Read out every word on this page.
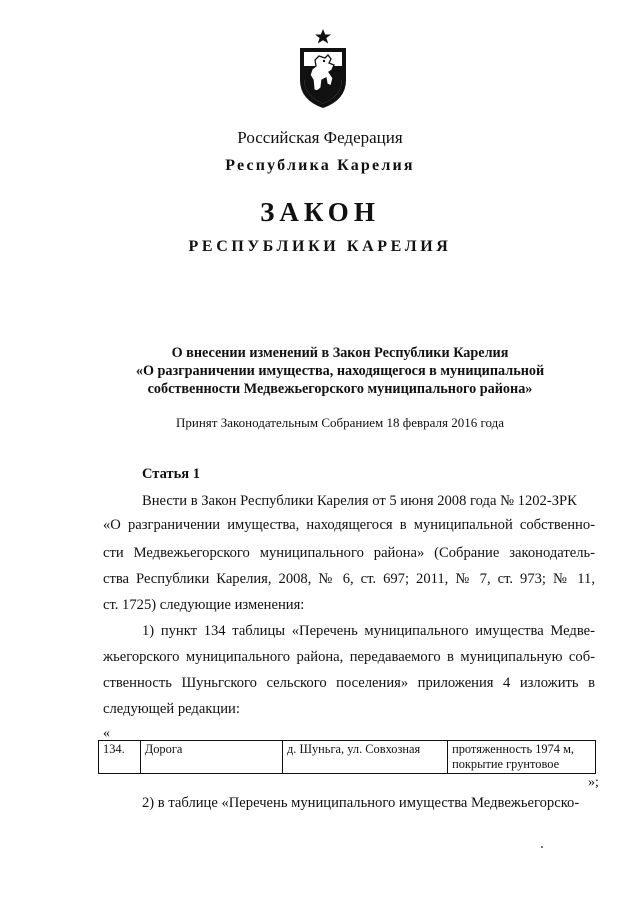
Российская Федерация
Республика Карелия
ЗАКОН
РЕСПУБЛИКИ КАРЕЛИЯ
О внесении изменений в Закон Республики Карелия
«О разграничении имущества, находящегося в муниципальной
собственности Медвежьегорского муниципального района»
Принят Законодательным Собранием 18 февраля 2016 года
Статья 1
Внести в Закон Республики Карелия от 5 июня 2008 года № 1202-ЗРК
«О разграничении имущества, находящегося в муниципальной собственно-
сти Медвежьегорского муниципального района» (Собрание законодатель-
ства Республики Карелия, 2008, № 6, ст. 697; 2011, № 7, ст. 973; № 11,
ст. 1725) следующие изменения:
1) пункт 134 таблицы «Перечень муниципального имущества Медве-
жьегорского муниципального района, передаваемого в муниципальную соб-
ственность Шуньгского сельского поселения» приложения 4 изложить в
следующей редакции:
«
134.	Дорога	д. Шуньга, ул. Совхозная	протяженность 1974 м,
покрытие грунтовое
»;
2) в таблице «Перечень муниципального имущества Медвежьегорско-
